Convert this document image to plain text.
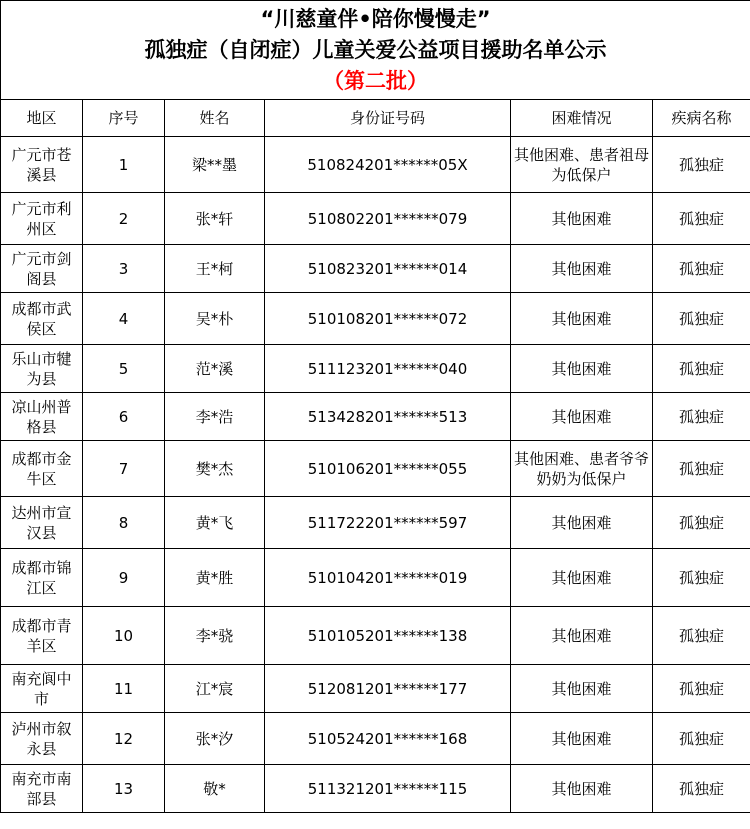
“川慈童伴•陪你慢慢走”
孤独症（自闭症）儿童关爱公益项目援助名单公示
（第二批）					

地区	序号	姓名	身份证号码	困难情况	疾病名称
广元市苍溪县	1	梁**墨	510824201******05X	其他困难、患者祖母为低保户	孤独症
广元市利州区	2	张*轩	510802201******079	其他困难	孤独症
广元市剑阁县	3	王*柯	510823201******014	其他困难	孤独症
成都市武侯区	4	吴*朴	510108201******072	其他困难	孤独症
乐山市犍为县	5	范*溪	511123201******040	其他困难	孤独症
凉山州普格县	6	李*浩	513428201******513	其他困难	孤独症
成都市金牛区	7	樊*杰	510106201******055	其他困难、患者爷爷奶奶为低保户	孤独症
达州市宣汉县	8	黄*飞	511722201******597	其他困难	孤独症
成都市锦江区	9	黄*胜	510104201******019	其他困难	孤独症
成都市青羊区	10	李*骁	510105201******138	其他困难	孤独症
南充阆中市	11	江*宸	512081201******177	其他困难	孤独症
泸州市叙永县	12	张*汐	510524201******168	其他困难	孤独症
南充市南部县	13	敬*	511321201******115	其他困难	孤独症
